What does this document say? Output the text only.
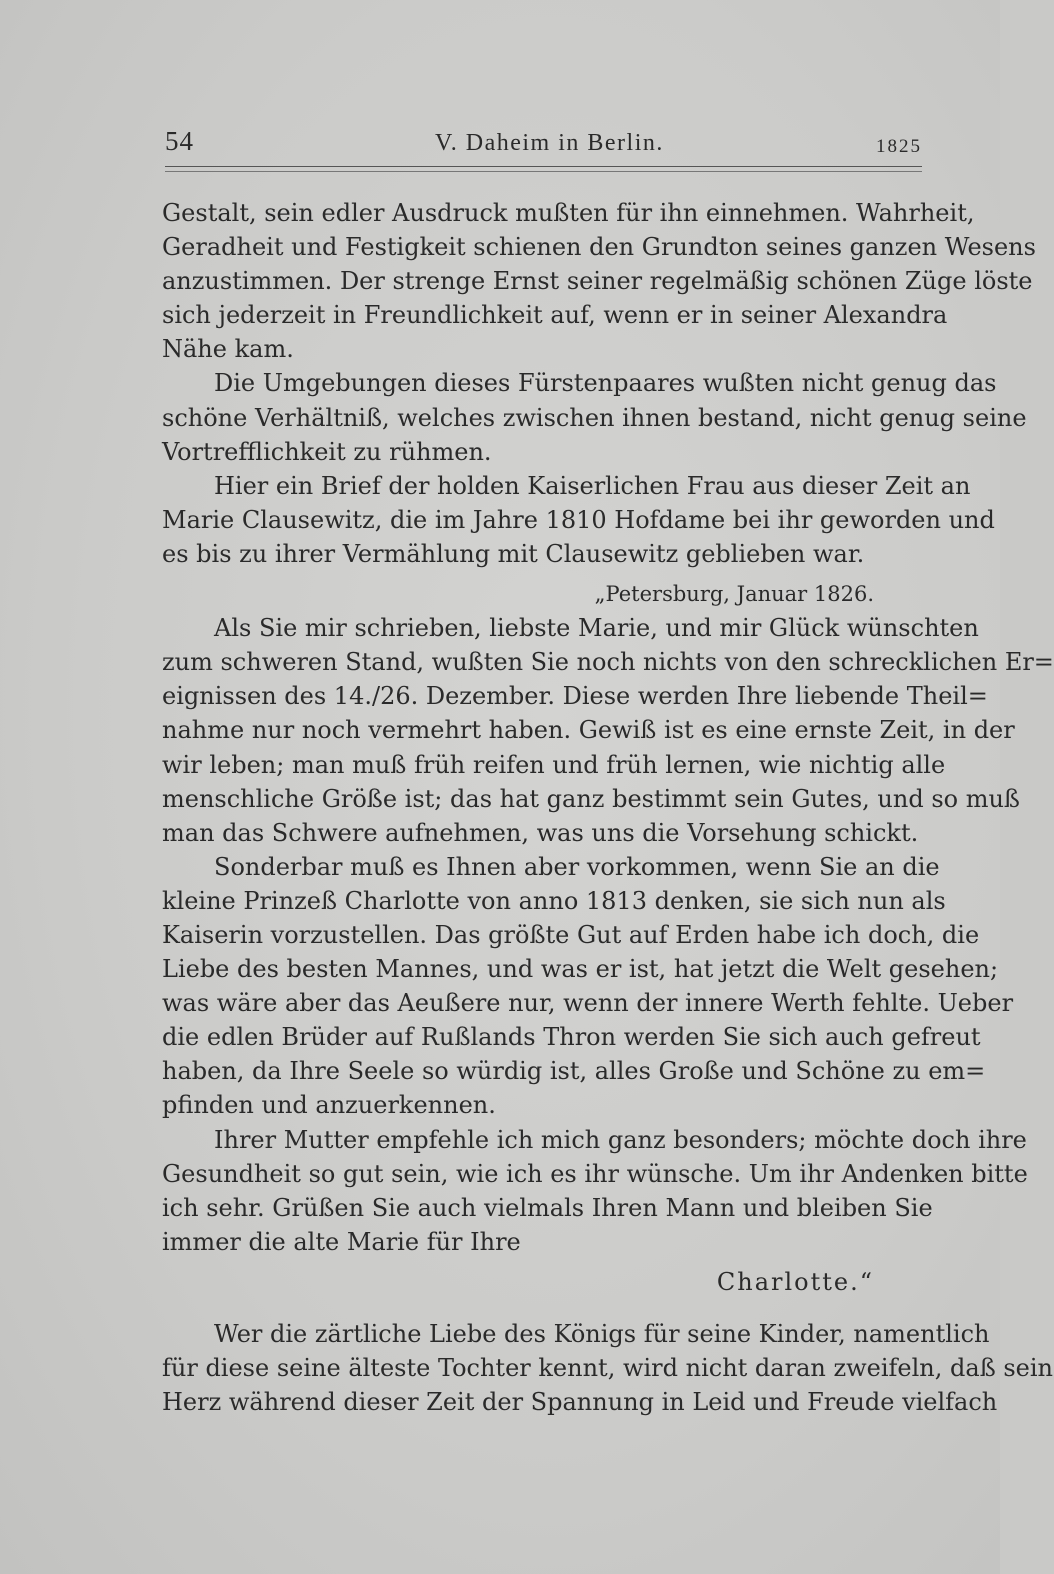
54	V. Daheim in Berlin.	1825
Gestalt, sein edler Ausdruck mußten für ihn einnehmen. Wahrheit,
Geradheit und Festigkeit schienen den Grundton seines ganzen Wesens
anzustimmen. Der strenge Ernst seiner regelmäßig schönen Züge löste
sich jederzeit in Freundlichkeit auf, wenn er in seiner Alexandra
Nähe kam.
Die Umgebungen dieses Fürstenpaares wußten nicht genug das
schöne Verhältniß, welches zwischen ihnen bestand, nicht genug seine
Vortrefflichkeit zu rühmen.
Hier ein Brief der holden Kaiserlichen Frau aus dieser Zeit an
Marie Clausewitz, die im Jahre 1810 Hofdame bei ihr geworden und
es bis zu ihrer Vermählung mit Clausewitz geblieben war.
„Petersburg, Januar 1826.
Als Sie mir schrieben, liebste Marie, und mir Glück wünschten
zum schweren Stand, wußten Sie noch nichts von den schrecklichen Er=
eignissen des 14./26. Dezember. Diese werden Ihre liebende Theil=
nahme nur noch vermehrt haben. Gewiß ist es eine ernste Zeit, in der
wir leben; man muß früh reifen und früh lernen, wie nichtig alle
menschliche Größe ist; das hat ganz bestimmt sein Gutes, und so muß
man das Schwere aufnehmen, was uns die Vorsehung schickt.
Sonderbar muß es Ihnen aber vorkommen, wenn Sie an die
kleine Prinzeß Charlotte von anno 1813 denken, sie sich nun als
Kaiserin vorzustellen. Das größte Gut auf Erden habe ich doch, die
Liebe des besten Mannes, und was er ist, hat jetzt die Welt gesehen;
was wäre aber das Aeußere nur, wenn der innere Werth fehlte. Ueber
die edlen Brüder auf Rußlands Thron werden Sie sich auch gefreut
haben, da Ihre Seele so würdig ist, alles Große und Schöne zu em=
pfinden und anzuerkennen.
Ihrer Mutter empfehle ich mich ganz besonders; möchte doch ihre
Gesundheit so gut sein, wie ich es ihr wünsche. Um ihr Andenken bitte
ich sehr. Grüßen Sie auch vielmals Ihren Mann und bleiben Sie
immer die alte Marie für Ihre
Charlotte.“
Wer die zärtliche Liebe des Königs für seine Kinder, namentlich
für diese seine älteste Tochter kennt, wird nicht daran zweifeln, daß sein
Herz während dieser Zeit der Spannung in Leid und Freude vielfach
